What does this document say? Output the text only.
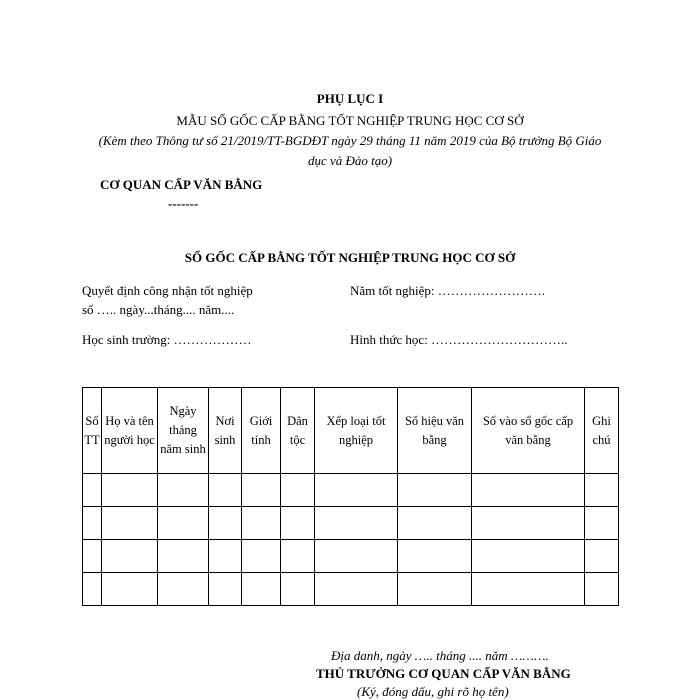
PHỤ LỤC I
MẪU SỔ GỐC CẤP BẰNG TỐT NGHIỆP TRUNG HỌC CƠ SỞ
(Kèm theo Thông tư số 21/2019/TT-BGDĐT ngày 29 tháng 11 năm 2019 của Bộ trưởng Bộ Giáo
dục và Đào tạo)
CƠ QUAN CẤP VĂN BẰNG
-------
SỔ GỐC CẤP BẰNG TỐT NGHIỆP TRUNG HỌC CƠ SỞ
Quyết định công nhận tốt nghiệp
số ….. ngày...tháng.... năm....
Năm tốt nghiệp: …………………….
Học sinh trường: ………………	Hình thức học: …………………………..
Số TT	Họ và tên người học	Ngày tháng năm sinh	Nơi sinh	Giới tính	Dân tộc	Xếp loại tốt nghiệp	Số hiệu văn bằng	Số vào sổ gốc cấp văn bằng	Ghi chú

Địa danh, ngày ….. tháng .... năm ……….
THỦ TRƯỞNG CƠ QUAN CẤP VĂN BẰNG
(Ký, đóng dấu, ghi rõ họ tên)
